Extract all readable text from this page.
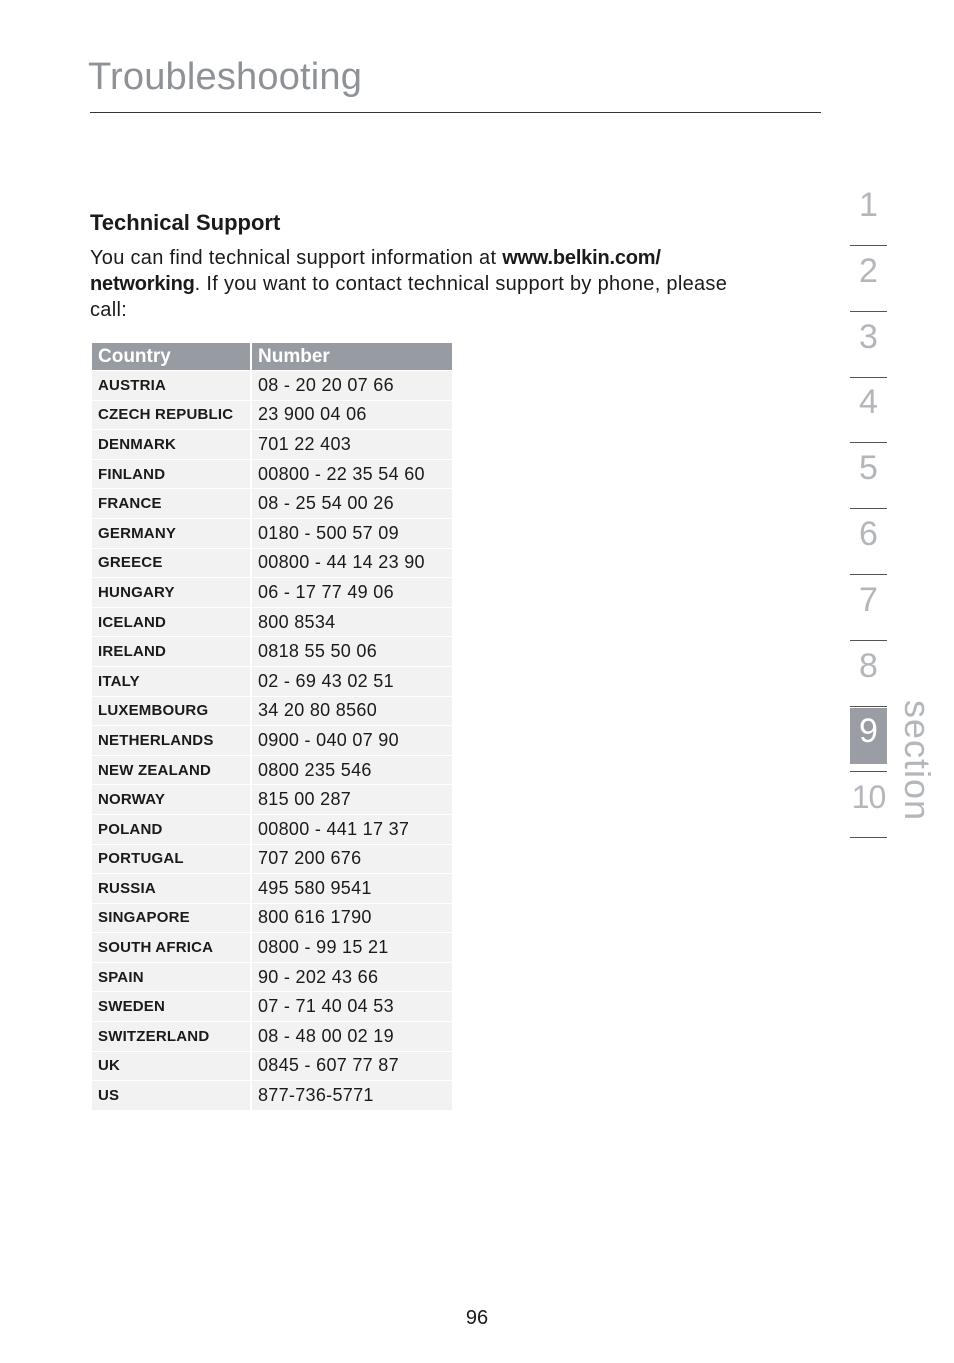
Troubleshooting
Technical Support
You can find technical support information at www.belkin.com/ networking. If you want to contact technical support by phone, please call:
Country	Number
AUSTRIA	08 - 20 20 07 66
CZECH REPUBLIC	23 900 04 06
DENMARK	701 22 403
FINLAND	00800 - 22 35 54 60
FRANCE	08 - 25 54 00 26
GERMANY	0180 - 500 57 09
GREECE	00800 - 44 14 23 90
HUNGARY	06 - 17 77 49 06
ICELAND	800 8534
IRELAND	0818 55 50 06
ITALY	02 - 69 43 02 51
LUXEMBOURG	34 20 80 8560
NETHERLANDS	0900 - 040 07 90
NEW ZEALAND	0800 235 546
NORWAY	815 00 287
POLAND	00800 - 441 17 37
PORTUGAL	707 200 676
RUSSIA	495 580 9541
SINGAPORE	800 616 1790
SOUTH AFRICA	0800 - 99 15 21
SPAIN	90 - 202 43 66
SWEDEN	07 - 71 40 04 53
SWITZERLAND	08 - 48 00 02 19
UK	0845 - 607 77 87
US	877-736-5771
1
2
3
4
5
6
7
8
9
10 section
96
